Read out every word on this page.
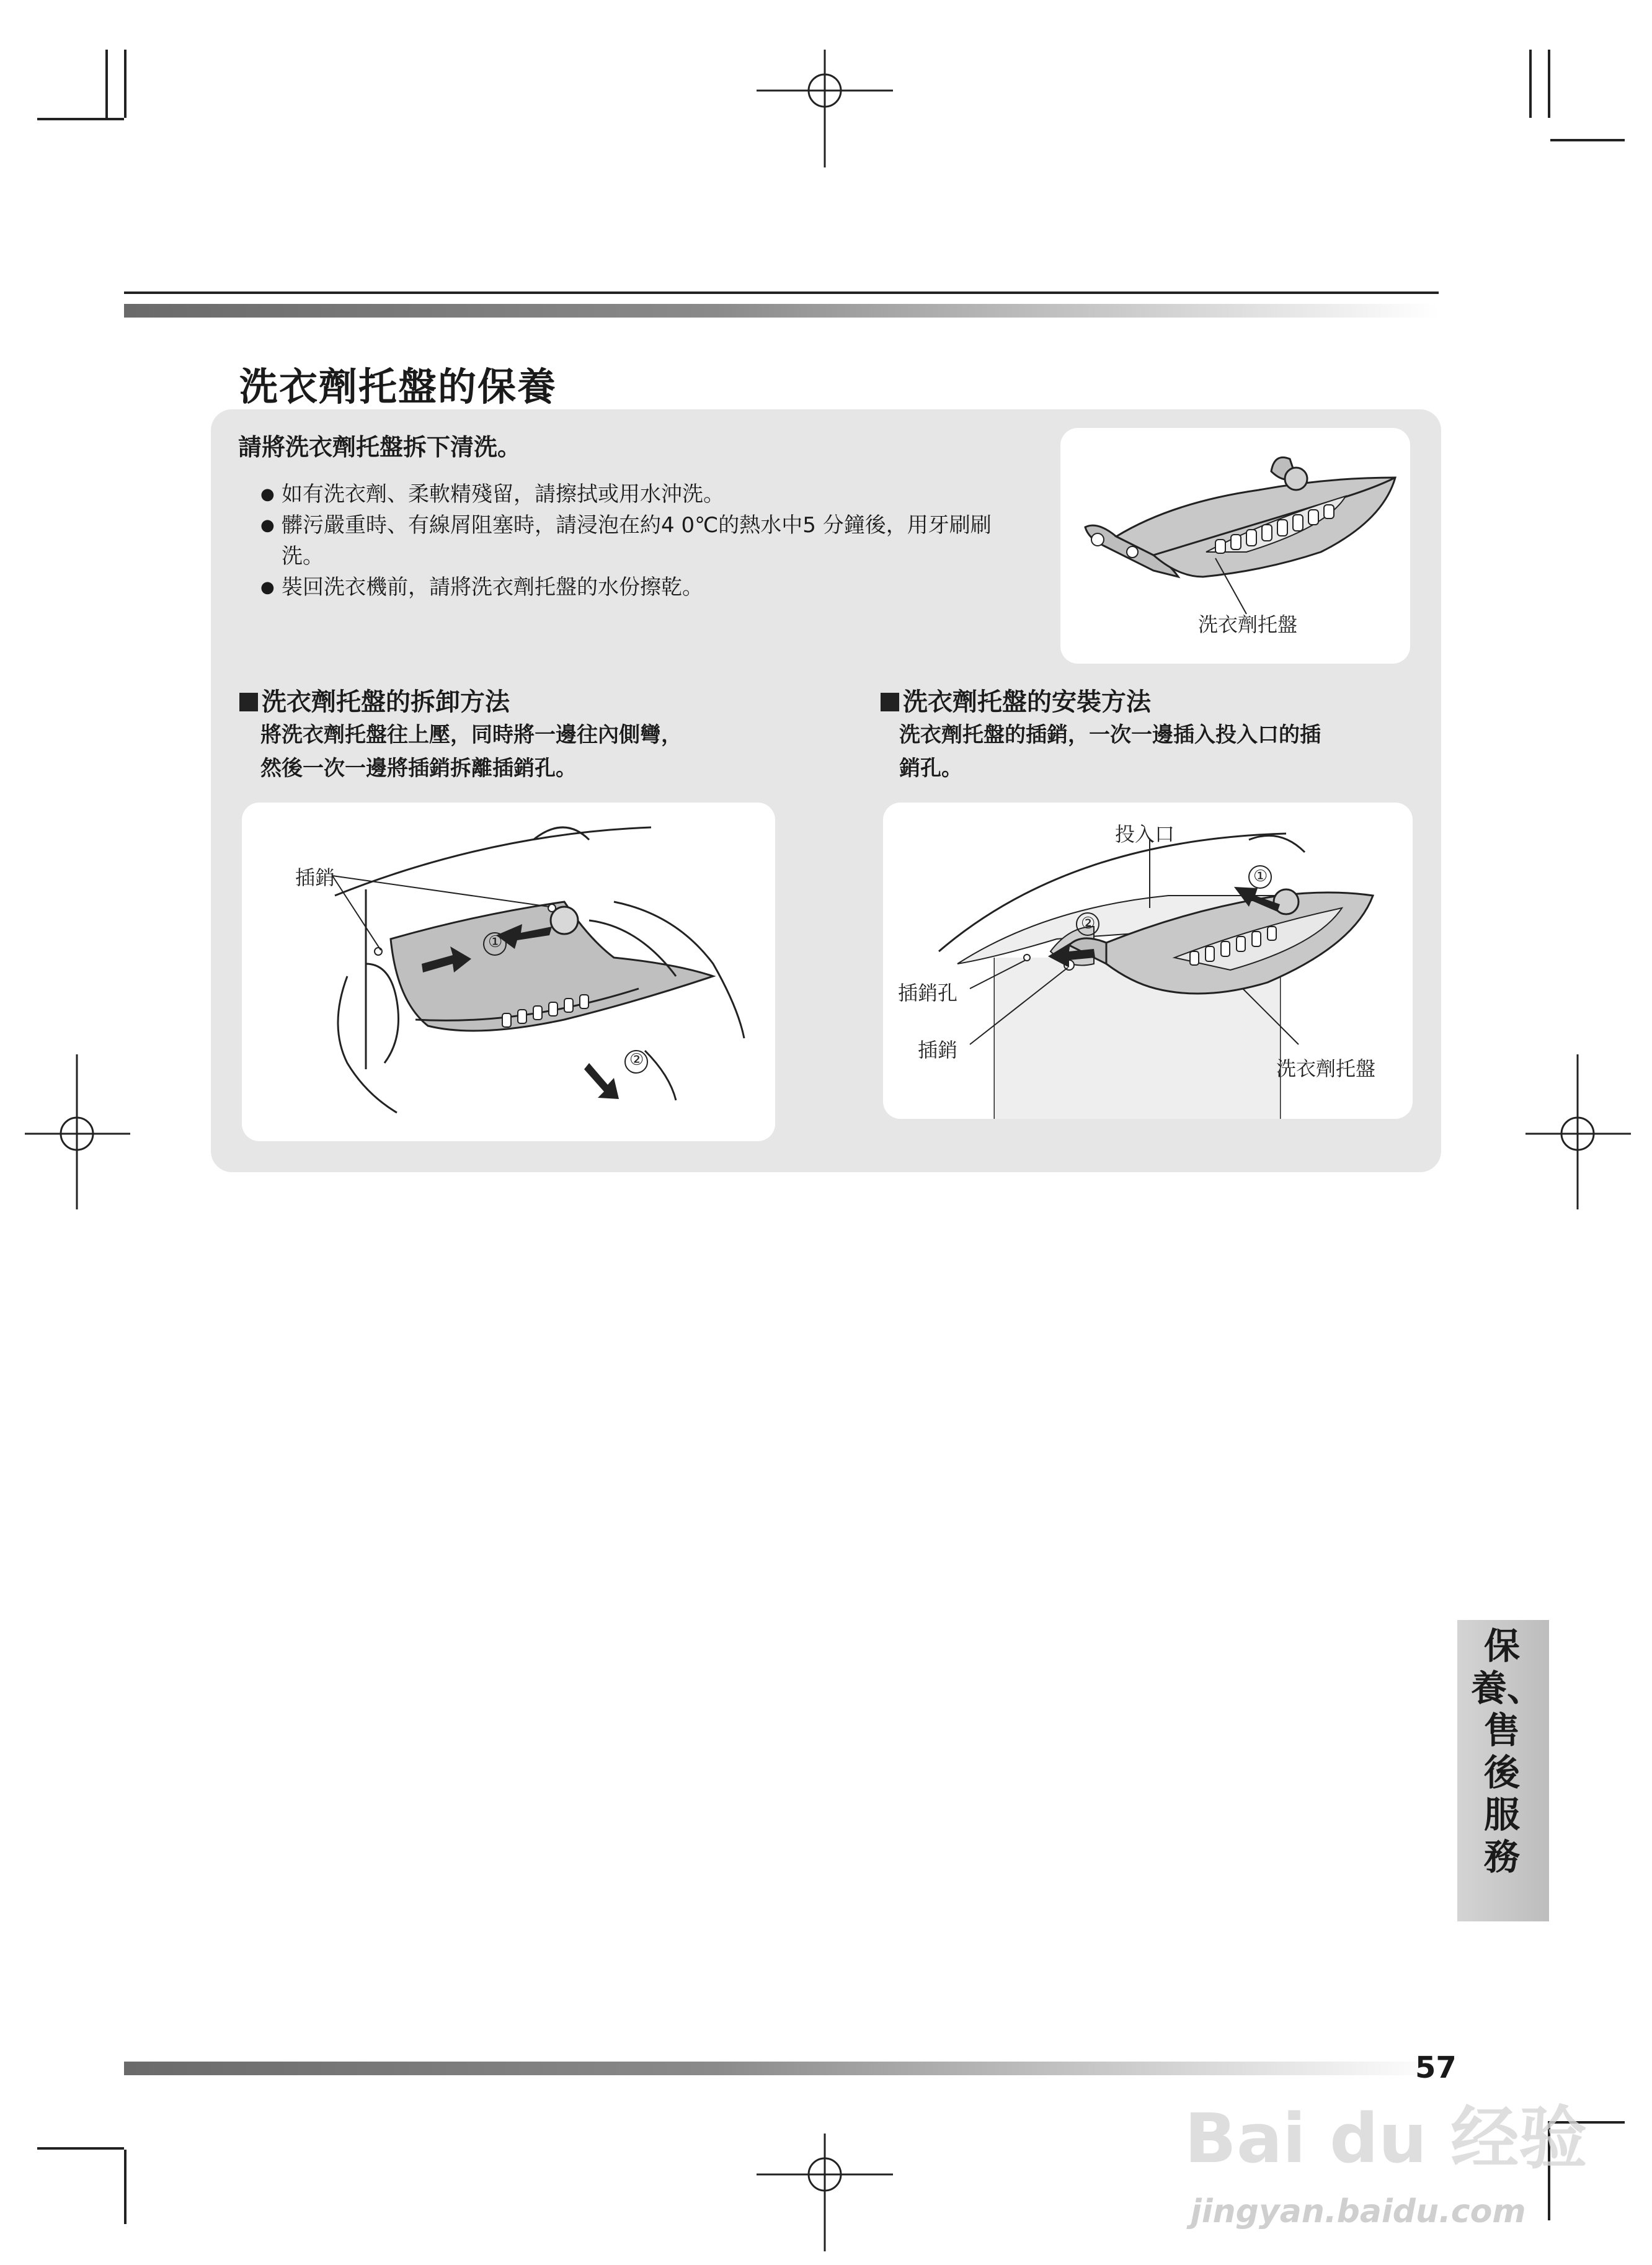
洗衣劑托盤的保養
請將洗衣劑托盤拆下清洗。
● 如有洗衣劑、柔軟精殘留，請擦拭或用水沖洗。
● 髒污嚴重時、有線屑阻塞時，請浸泡在約4 0℃的熱水中5 分鐘後，用牙刷刷洗。
● 裝回洗衣機前，請將洗衣劑托盤的水份擦乾。
洗衣劑托盤
洗衣劑托盤的拆卸方法
將洗衣劑托盤往上壓，同時將一邊往內側彎，
然後一次一邊將插銷拆離插銷孔。
插銷
①
②
洗衣劑托盤的安裝方法
洗衣劑托盤的插銷，一次一邊插入投入口的插
銷孔。
投入口
插銷孔
插銷
洗衣劑托盤
②
①
保養、售後服務
57
Bai du 经验
jingyan.baidu.com
